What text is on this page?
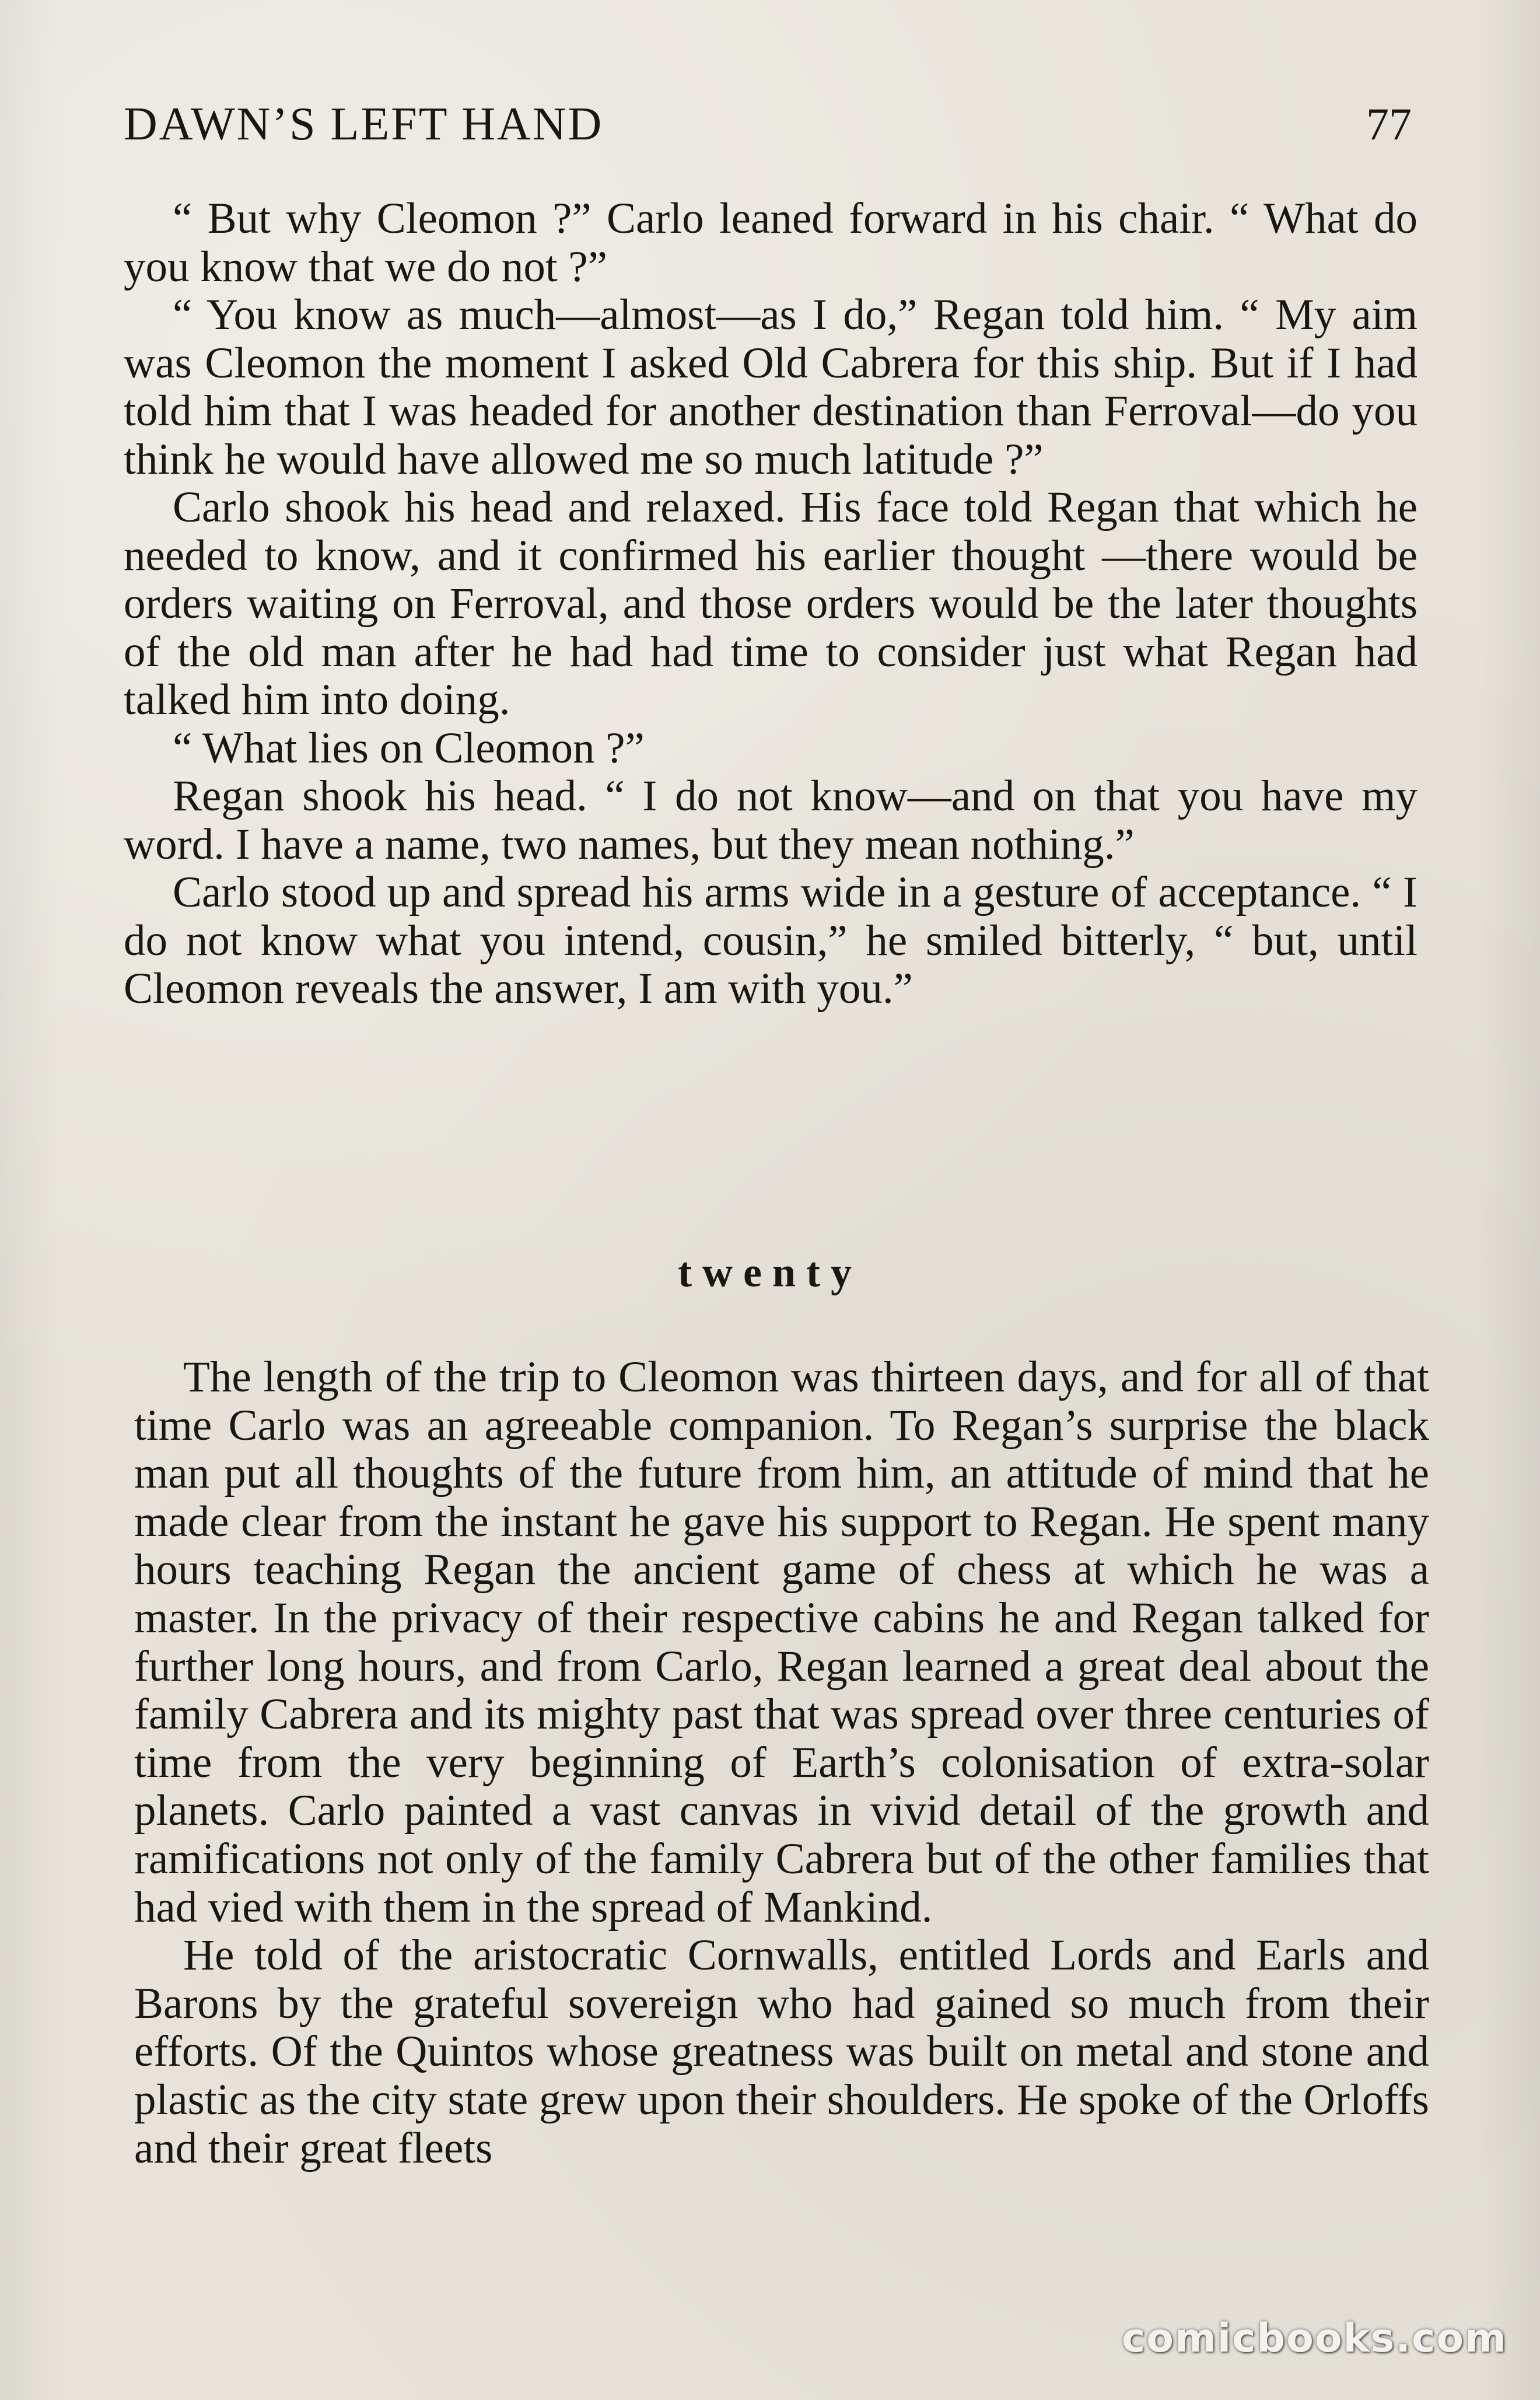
DAWN’S LEFT HAND	77

“ But why Cleomon ?” Carlo leaned forward in his chair. “ What do you know that we do not ?”

“ You know as much—almost—as I do,” Regan told him. “ My aim was Cleomon the moment I asked Old Cabrera for this ship. But if I had told him that I was headed for another destination than Ferroval—do you think he would have allowed me so much latitude ?”

Carlo shook his head and relaxed. His face told Regan that which he needed to know, and it confirmed his earlier thought —there would be orders waiting on Ferroval, and those orders would be the later thoughts of the old man after he had had time to consider just what Regan had talked him into doing.

“ What lies on Cleomon ?”

Regan shook his head. “ I do not know—and on that you have my word. I have a name, two names, but they mean nothing.”

Carlo stood up and spread his arms wide in a gesture of acceptance. “ I do not know what you intend, cousin,” he smiled bitterly, “ but, until Cleomon reveals the answer, I am with you.”

twenty

The length of the trip to Cleomon was thirteen days, and for all of that time Carlo was an agreeable companion. To Regan’s surprise the black man put all thoughts of the future from him, an attitude of mind that he made clear from the instant he gave his support to Regan. He spent many hours teaching Regan the ancient game of chess at which he was a master. In the privacy of their respective cabins he and Regan talked for further long hours, and from Carlo, Regan learned a great deal about the family Cabrera and its mighty past that was spread over three centuries of time from the very beginning of Earth’s colonisation of extra-solar planets. Carlo painted a vast canvas in vivid detail of the growth and ramifications not only of the family Cabrera but of the other families that had vied with them in the spread of Mankind.

He told of the aristocratic Cornwalls, entitled Lords and Earls and Barons by the grateful sovereign who had gained so much from their efforts. Of the Quintos whose greatness was built on metal and stone and plastic as the city state grew upon their shoulders. He spoke of the Orloffs and their great fleets

comicbooks.com
